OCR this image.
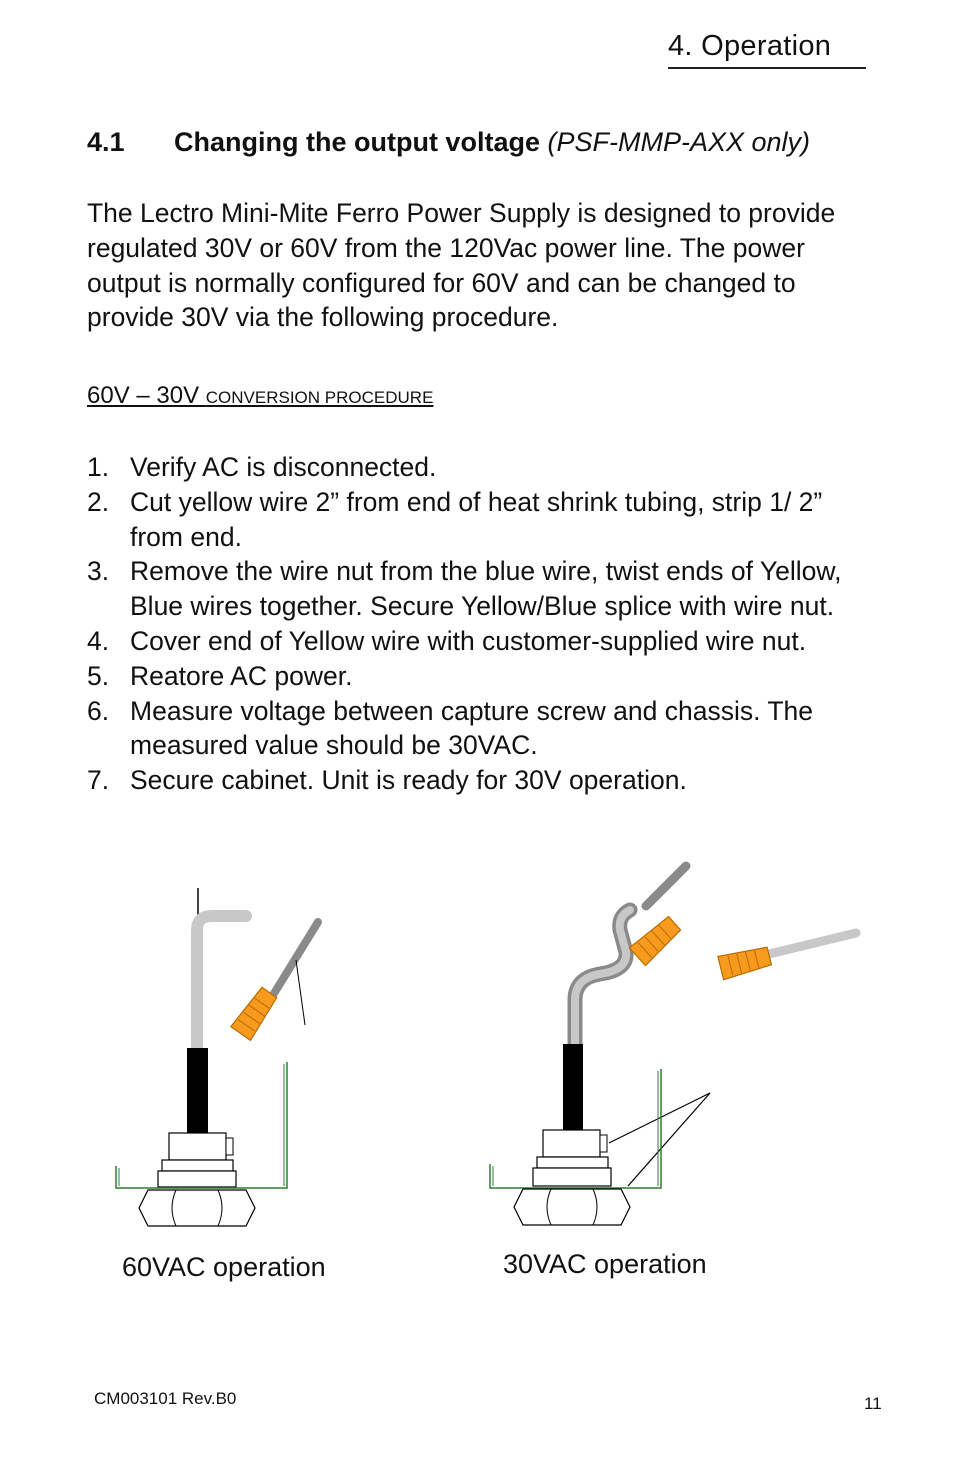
4. Operation
4.1 Changing the output voltage (PSF-MMP-AXX only)

The Lectro Mini-Mite Ferro Power Supply is designed to provide regulated 30V or 60V from the 120Vac power line. The power output is normally configured for 60V and can be changed to provide 30V via the following procedure.

60V – 30V CONVERSION PROCEDURE
1. Verify AC is disconnected.
2. Cut yellow wire 2” from end of heat shrink tubing, strip 1/ 2” from end.
3. Remove the wire nut from the blue wire, twist ends of Yellow, Blue wires together. Secure Yellow/Blue splice with wire nut.
4. Cover end of Yellow wire with customer-supplied wire nut.
5. Reatore AC power.
6. Measure voltage between capture screw and chassis. The measured value should be 30VAC.
7. Secure cabinet. Unit is ready for 30V operation.
60VAC operation	30VAC operation
CM003101 Rev.B0	11
